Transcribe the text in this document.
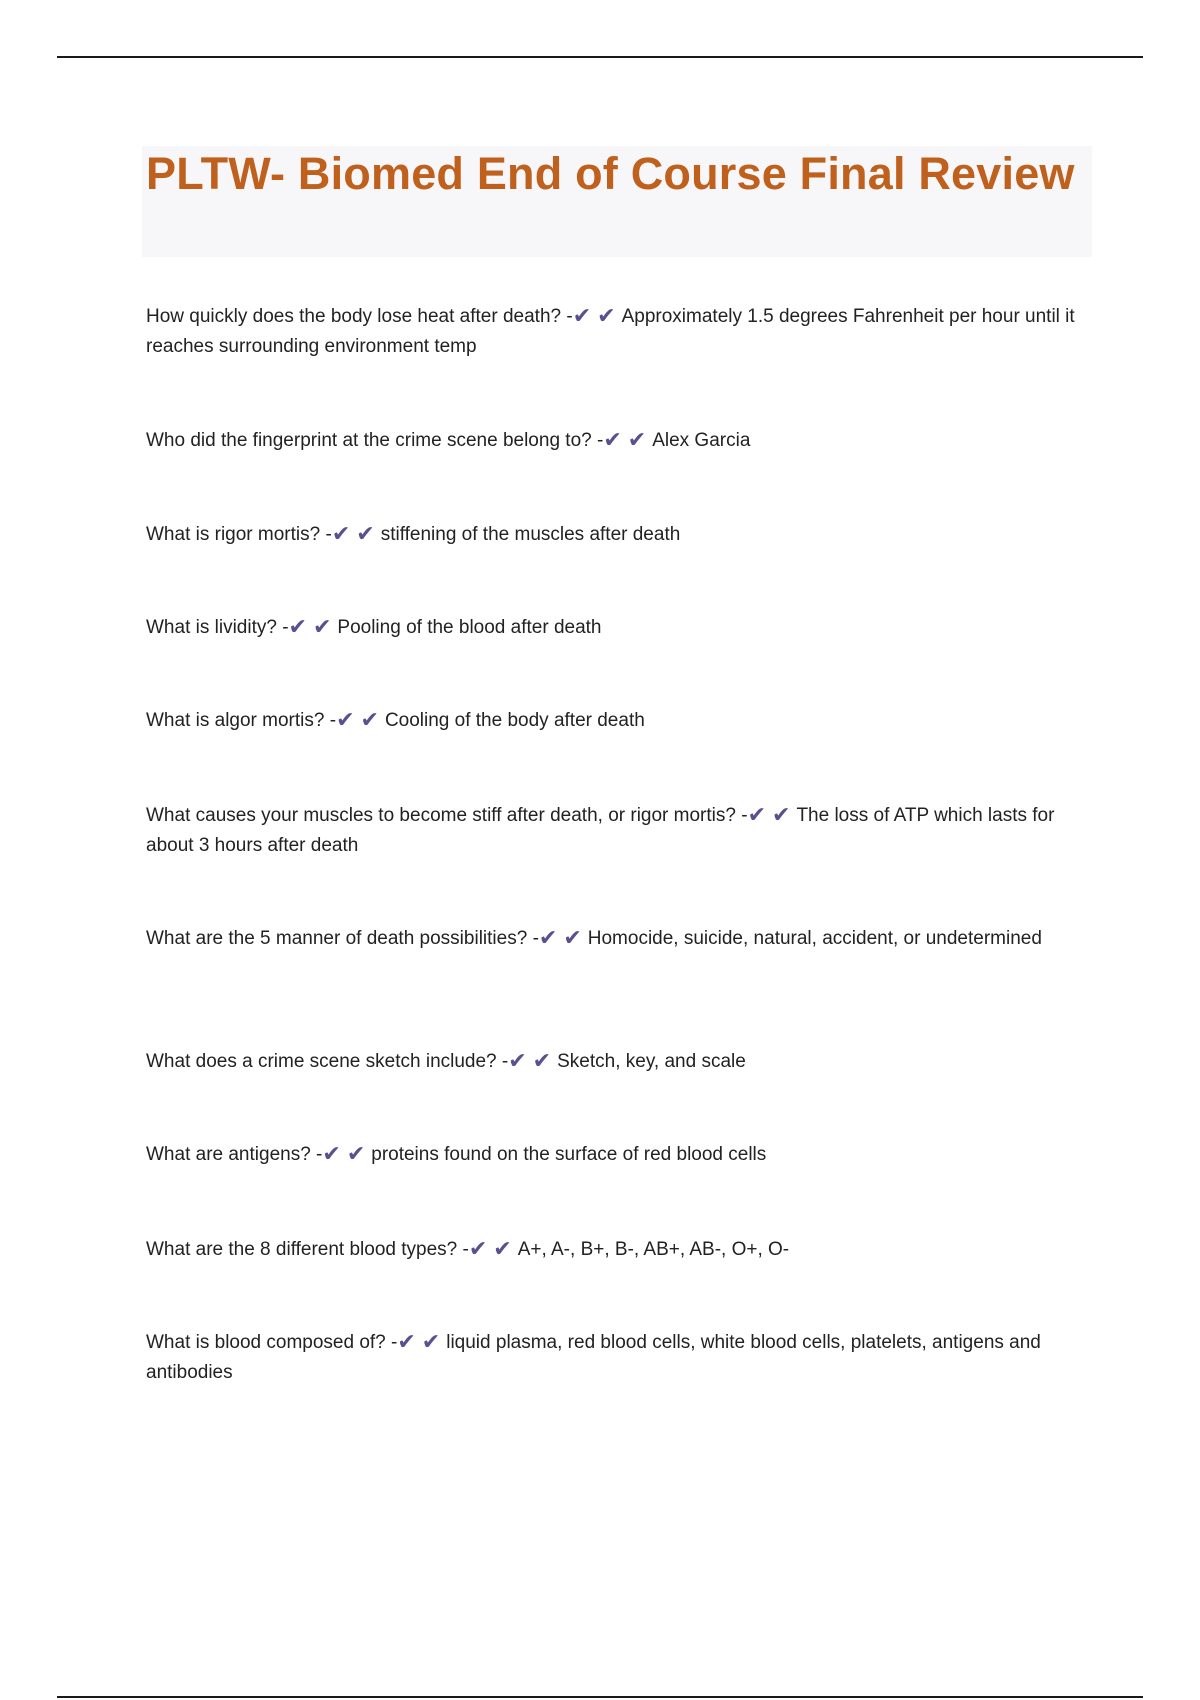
PLTW- Biomed End of Course Final Review

How quickly does the body lose heat after death? -✔ ✔ Approximately 1.5 degrees Fahrenheit per hour until it reaches surrounding environment temp

Who did the fingerprint at the crime scene belong to? -✔ ✔ Alex Garcia

What is rigor mortis? -✔ ✔ stiffening of the muscles after death

What is lividity? -✔ ✔ Pooling of the blood after death

What is algor mortis? -✔ ✔ Cooling of the body after death

What causes your muscles to become stiff after death, or rigor mortis? -✔ ✔ The loss of ATP which lasts for about 3 hours after death

What are the 5 manner of death possibilities? -✔ ✔ Homocide, suicide, natural, accident, or undetermined

What does a crime scene sketch include? -✔ ✔ Sketch, key, and scale

What are antigens? -✔ ✔ proteins found on the surface of red blood cells

What are the 8 different blood types? -✔ ✔ A+, A-, B+, B-, AB+, AB-, O+, O-

What is blood composed of? -✔ ✔ liquid plasma, red blood cells, white blood cells, platelets, antigens and antibodies
